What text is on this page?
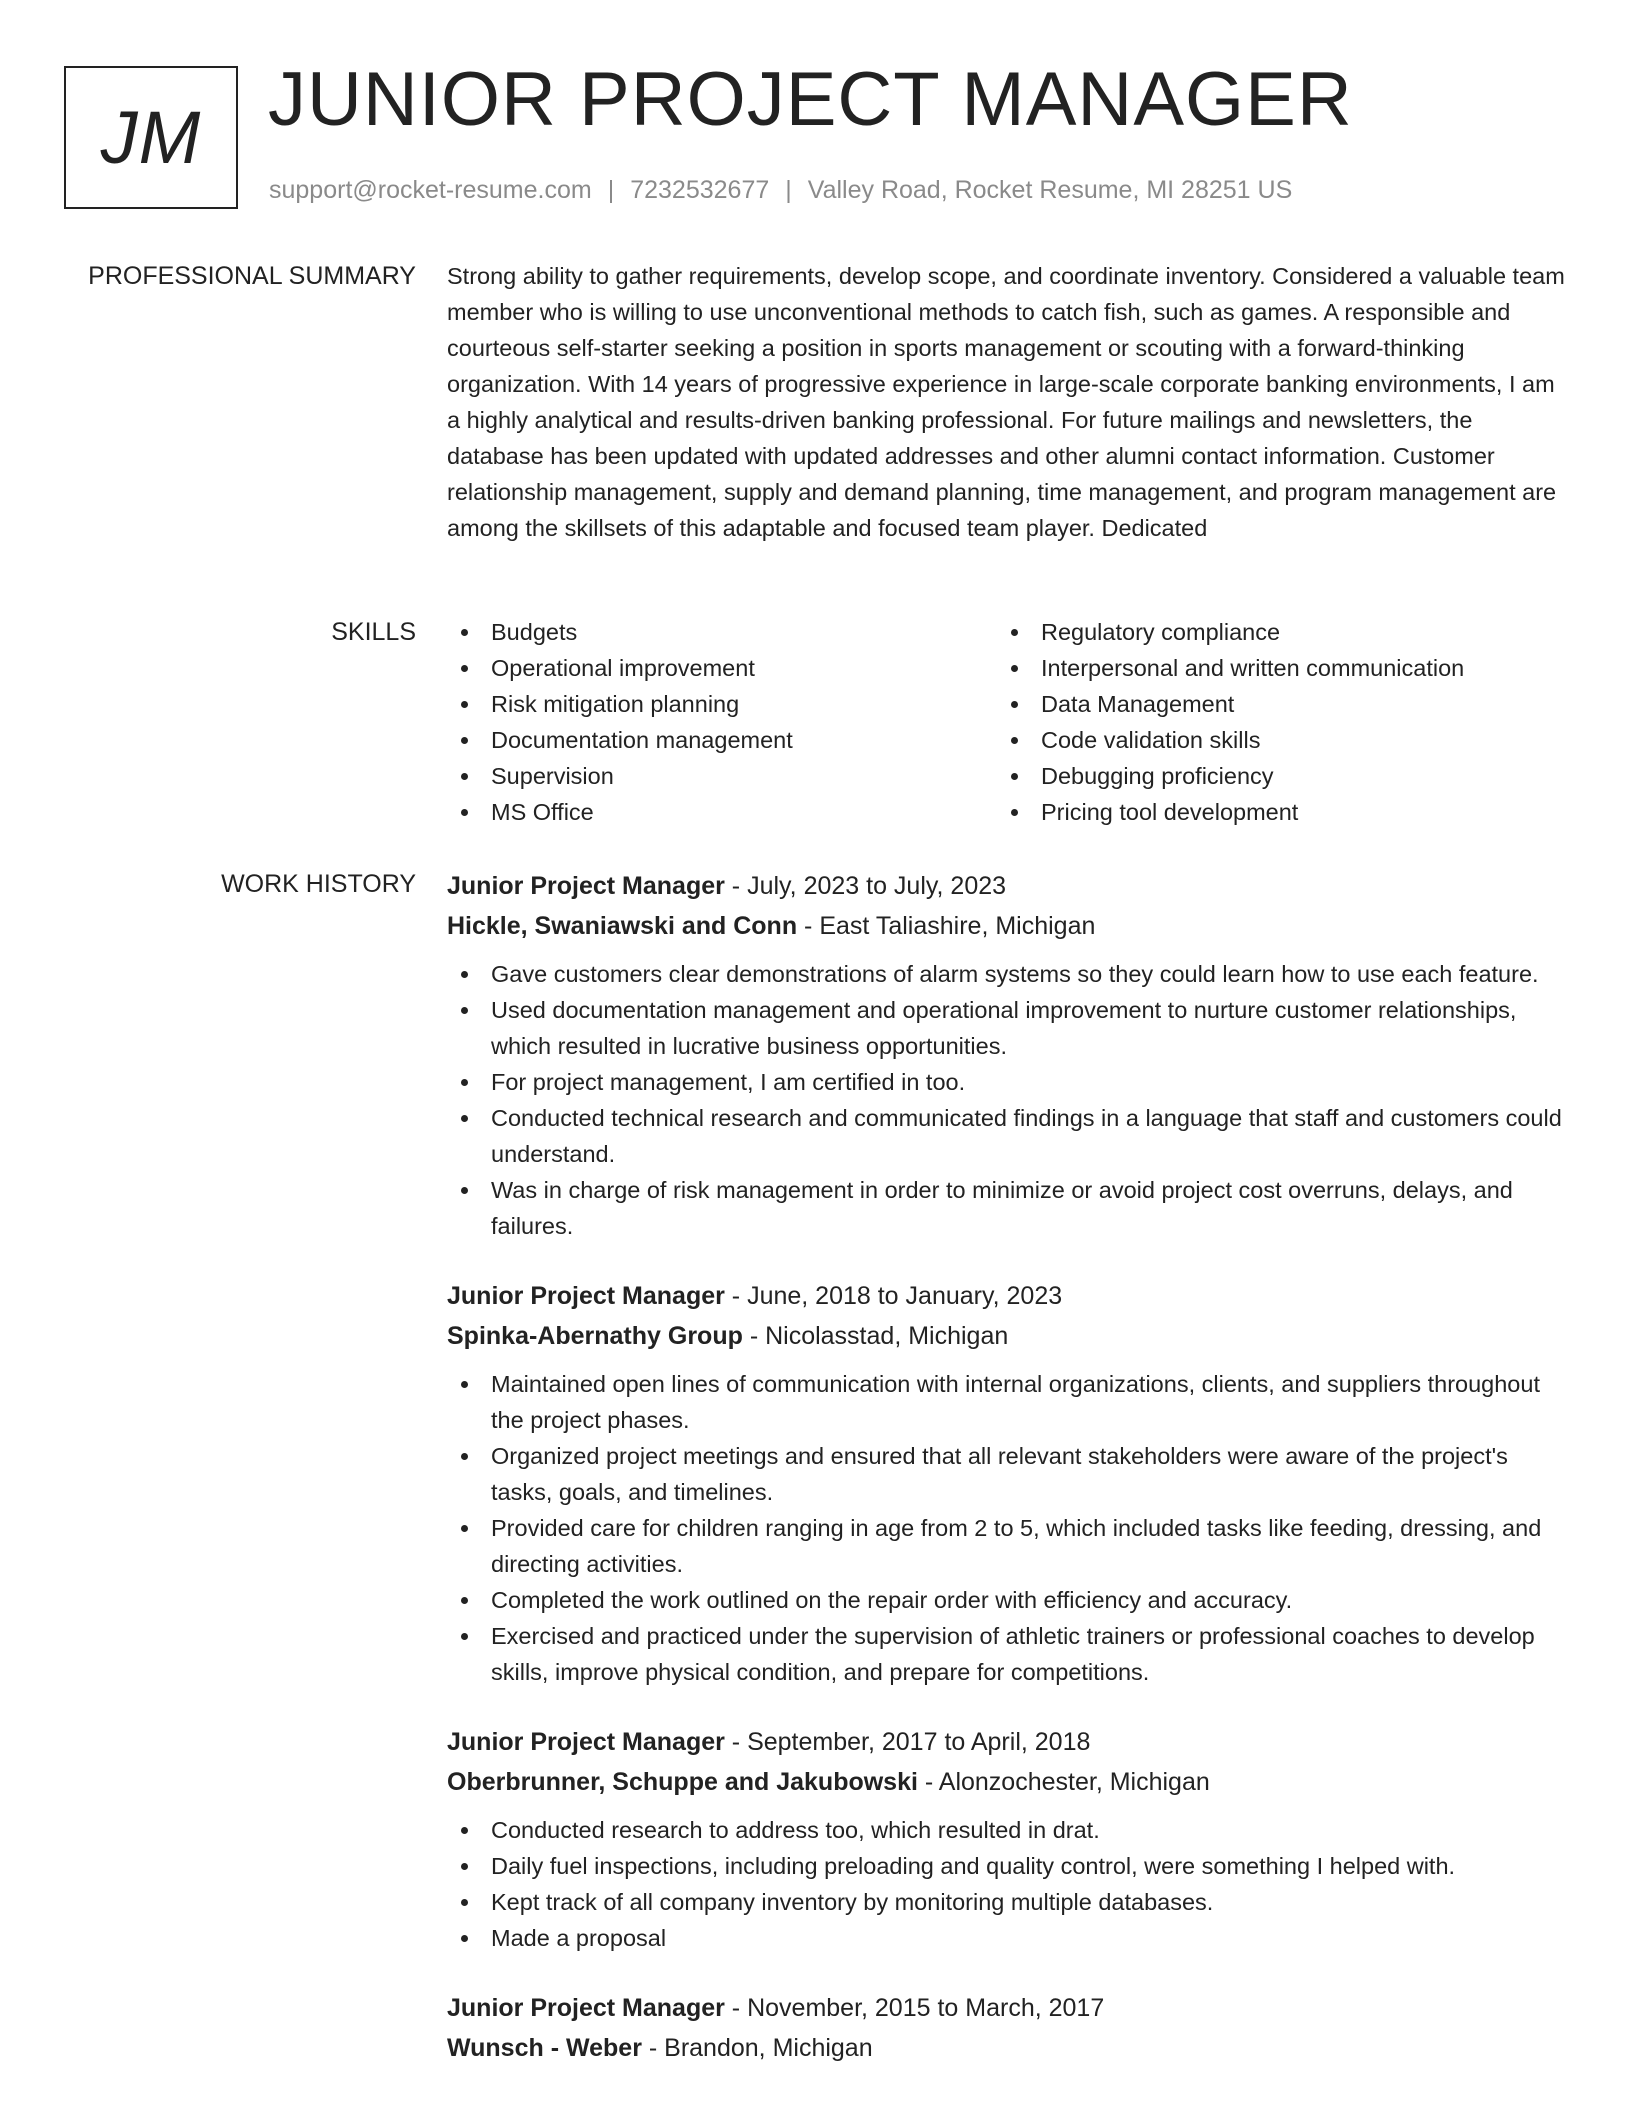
JM JUNIOR PROJECT MANAGER
support@rocket-resume.com | 7232532677 | Valley Road, Rocket Resume, MI 28251 US
PROFESSIONAL SUMMARY Strong ability to gather requirements, develop scope, and coordinate inventory. Considered a valuable team member who is willing to use unconventional methods to catch fish, such as games. A responsible and courteous self-starter seeking a position in sports management or scouting with a forward-thinking organization. With 14 years of progressive experience in large-scale corporate banking environments, I am a highly analytical and results-driven banking professional. For future mailings and newsletters, the database has been updated with updated addresses and other alumni contact information. Customer relationship management, supply and demand planning, time management, and program management are among the skillsets of this adaptable and focused team player. Dedicated

SKILLS	Budgets
Operational improvement
Risk mitigation planning
Documentation management
Supervision
MS Office
Regulatory compliance
Interpersonal and written communication
Data Management
Code validation skills
Debugging proficiency
Pricing tool development
WORK HISTORY Junior Project Manager - July, 2023 to July, 2023
Hickle, Swaniawski and Conn - East Taliashire, Michigan
Gave customers clear demonstrations of alarm systems so they could learn how to use each feature.
Used documentation management and operational improvement to nurture customer relationships, which resulted in lucrative business opportunities.
For project management, I am certified in too.
Conducted technical research and communicated findings in a language that staff and customers could understand.
Was in charge of risk management in order to minimize or avoid project cost overruns, delays, and failures.
Junior Project Manager - June, 2018 to January, 2023
Spinka-Abernathy Group - Nicolasstad, Michigan
Maintained open lines of communication with internal organizations, clients, and suppliers throughout the project phases.
Organized project meetings and ensured that all relevant stakeholders were aware of the project's tasks, goals, and timelines.
Provided care for children ranging in age from 2 to 5, which included tasks like feeding, dressing, and directing activities.
Completed the work outlined on the repair order with efficiency and accuracy.
Exercised and practiced under the supervision of athletic trainers or professional coaches to develop skills, improve physical condition, and prepare for competitions.
Junior Project Manager - September, 2017 to April, 2018
Oberbrunner, Schuppe and Jakubowski - Alonzochester, Michigan
Conducted research to address too, which resulted in drat.
Daily fuel inspections, including preloading and quality control, were something I helped with.
Kept track of all company inventory by monitoring multiple databases.
Made a proposal
Junior Project Manager - November, 2015 to March, 2017
Wunsch - Weber - Brandon, Michigan
